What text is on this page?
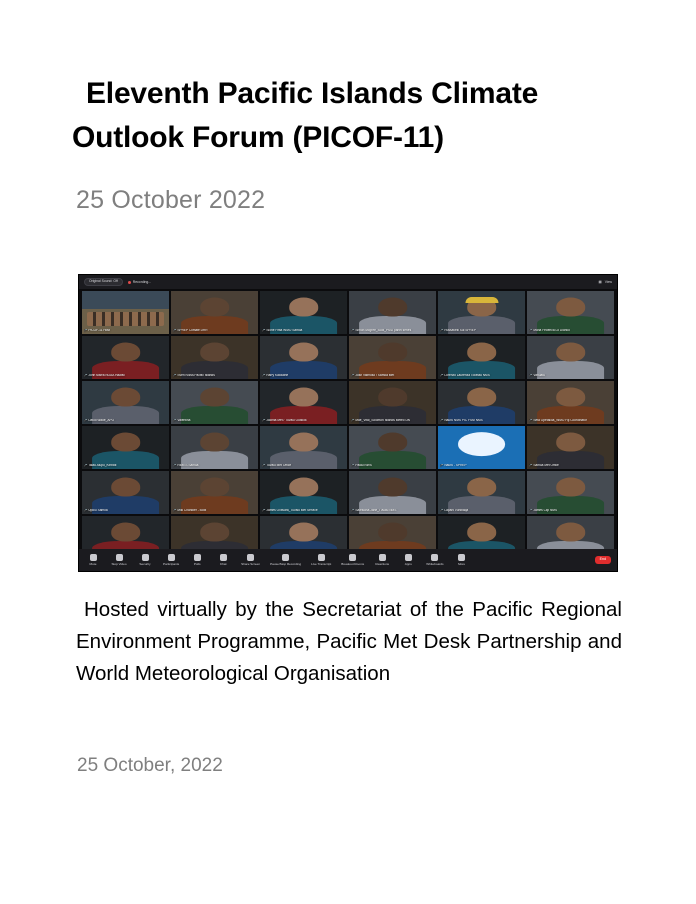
Eleventh Pacific Islands Climate Outlook Forum (PICOF-11)
25 October 2022
Original Sound: Off	Recording...	▦ View
🎤 PICOF-11 Host	🎤 SPREP Climate DRR	🎤 Sione Fifita WMO Samoa	🎤 Simon Mcgree_BoM_PMD panel series	🎤 Russavelli Sui SPREP	🎤 Maria Federica Lo Dianco
🎤 John Marra NOAA Hawaii	🎤 Sven NIWA Pacific Islands	🎤 Rarry Kalolaine	🎤 Josh Vaimoso / Samoa Met	🎤 Lorenzo Laurenza Tokelau NMS	🎤 Vanuatu
🎤 David Wade_APO	🎤 Valentina	🎤 Jacinta Met / Tuvalu Outlook	🎤 Mae_Vital_Solomon Islands Meteo Div	🎤 Nauru NMS PIC FSM NMS	🎤 Seta Opetaiola_WMO Fiji Coordinator
🎤 Talau Aiupu_Kiribati	🎤 RIMES Samoa	🎤 Tuvalu Met Office	🎤 Palau NWS	🎤 Nauru - SPREP	🎤 Samoa Met Office
🎤 Upolu Samoa	🎤 Miki Chandler - BoM	🎤 James Ovavara_Tuvalu Met Service	🎤 Salesiana Jane_Tuvalu NMS	🎤 Lapani Vunibaqa	🎤 James Clip NMS
Mute	Stop Video	Security	Participants	Polls	Chat	Share Screen	Pause/Stop Recording	Live Transcript	Breakout Rooms	Reactions	Apps	Whiteboards	More
End
Hosted virtually by the Secretariat of the Pacific Regional Environment Programme, Pacific Met Desk Partnership and World Meteorological Organisation
25 October, 2022
